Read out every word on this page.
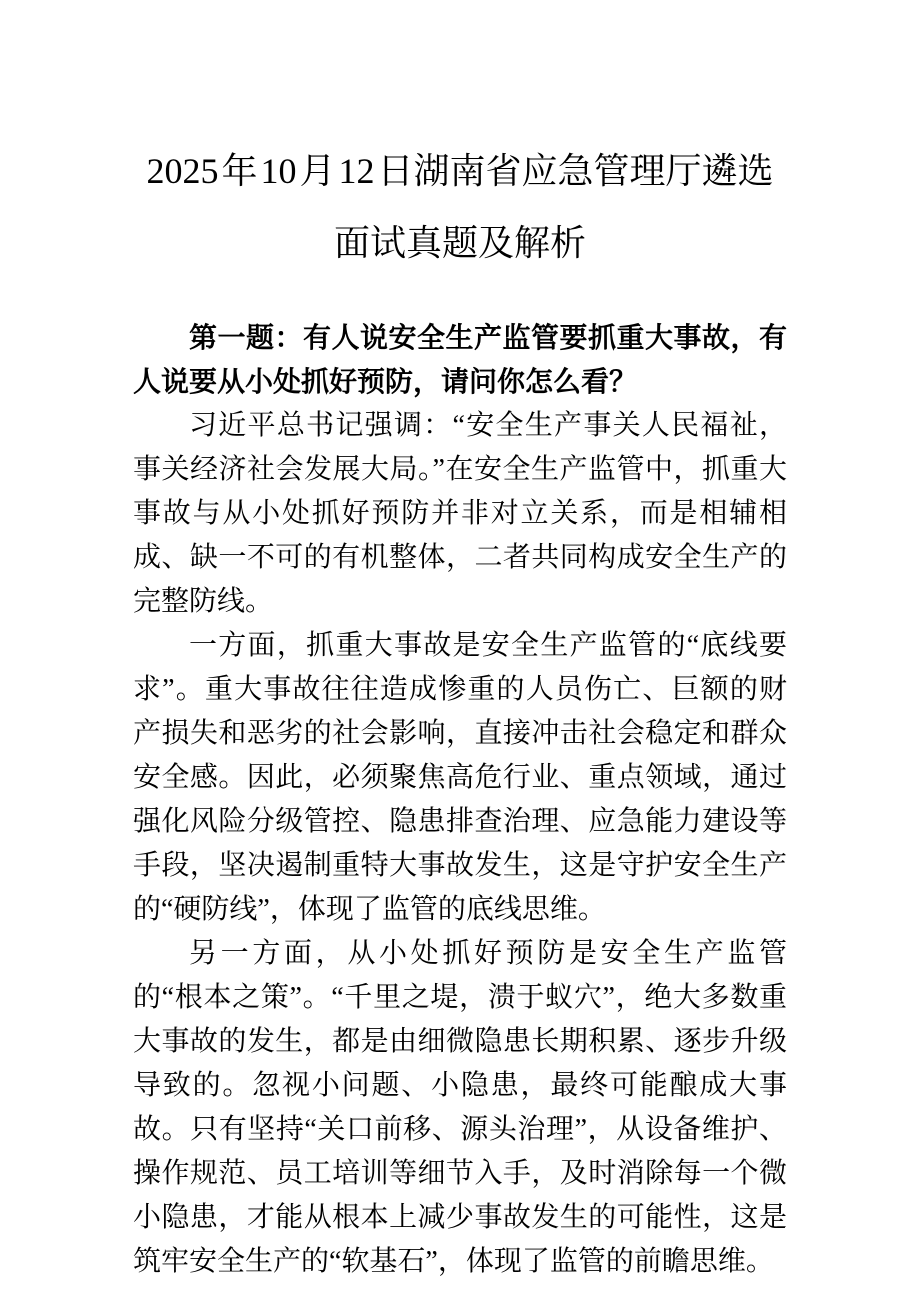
2025 年 10 月 12 日湖南省应急管理厅遴选
面试真题及解析

第一题：有人说安全生产监管要抓重大事故，有人说要从小处抓好预防，请问你怎么看？

习近平总书记强调：“安全生产事关人民福祉，事关经济社会发展大局。”在安全生产监管中，抓重大事故与从小处抓好预防并非对立关系，而是相辅相成、缺一不可的有机整体，二者共同构成安全生产的完整防线。

一方面，抓重大事故是安全生产监管的“底线要求”。重大事故往往造成惨重的人员伤亡、巨额的财产损失和恶劣的社会影响，直接冲击社会稳定和群众安全感。因此，必须聚焦高危行业、重点领域，通过强化风险分级管控、隐患排查治理、应急能力建设等手段，坚决遏制重特大事故发生，这是守护安全生产的“硬防线”，体现了监管的底线思维。

另一方面，从小处抓好预防是安全生产监管的“根本之策”。“千里之堤，溃于蚁穴”，绝大多数重大事故的发生，都是由细微隐患长期积累、逐步升级导致的。忽视小问题、小隐患，最终可能酿成大事故。只有坚持“关口前移、源头治理”，从设备维护、操作规范、员工培训等细节入手，及时消除每一个微小隐患，才能从根本上减少事故发生的可能性，这是筑牢安全生产的“软基石”，体现了监管的前瞻思维。
